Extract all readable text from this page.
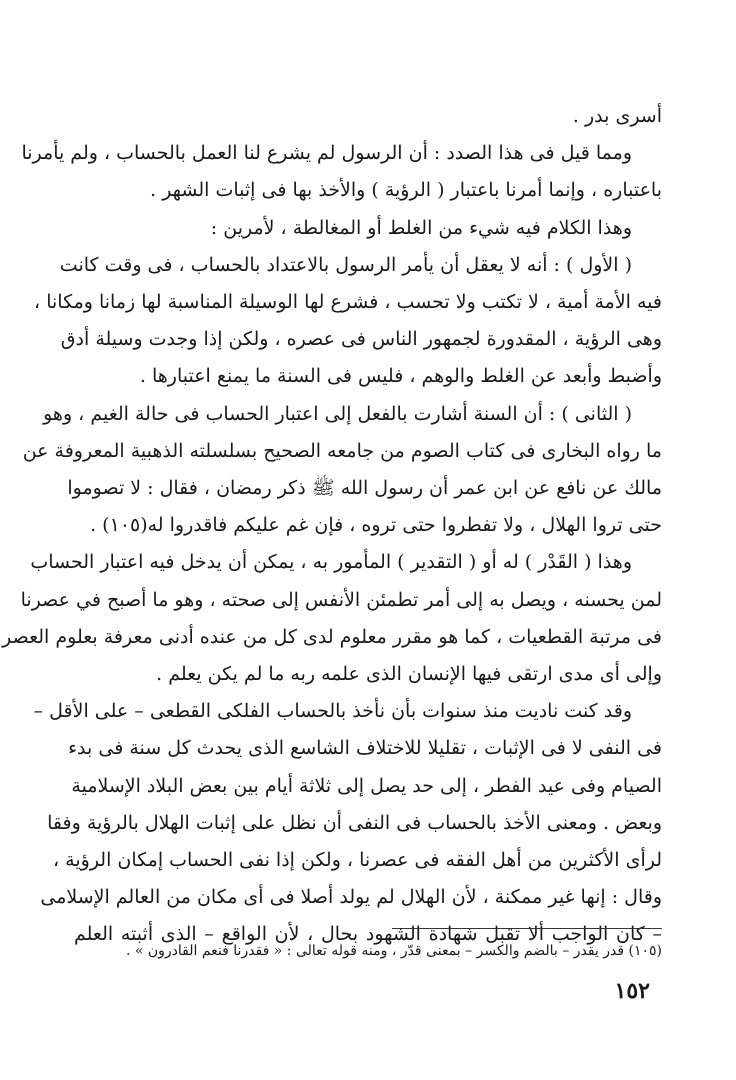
أسرى بدر .
ومما قيل فى هذا الصدد : أن الرسول لم يشرع لنا العمل بالحساب ، ولم يأمرنا
باعتباره ، وإنما أمرنا باعتبار ( الرؤية ) والأخذ بها فى إثبات الشهر .
وهذا الكلام فيه شيء من الغلط أو المغالطة ، لأمرين :
( الأول ) : أنه لا يعقل أن يأمر الرسول بالاعتداد بالحساب ، فى وقت كانت
فيه الأمة أمية ، لا تكتب ولا تحسب ، فشرع لها الوسيلة المناسبة لها زمانا ومكانا ،
وهى الرؤية ، المقدورة لجمهور الناس فى عصره ، ولكن إذا وجدت وسيلة أدق
وأضبط وأبعد عن الغلط والوهم ، فليس فى السنة ما يمنع اعتبارها .
( الثانى ) : أن السنة أشارت بالفعل إلى اعتبار الحساب فى حالة الغيم ، وهو
ما رواه البخارى فى كتاب الصوم من جامعه الصحيح بسلسلته الذهبية المعروفة عن
مالك عن نافع عن ابن عمر أن رسول الله ﷺ ذكر رمضان ، فقال : لا تصوموا
حتى تروا الهلال ، ولا تفطروا حتى تروه ، فإن غم عليكم فاقدروا له(١٠٥) .
وهذا ( القَدْر ) له أو ( التقدير ) المأمور به ، يمكن أن يدخل فيه اعتبار الحساب
لمن يحسنه ، ويصل به إلى أمر تطمئن الأنفس إلى صحته ، وهو ما أصبح في عصرنا
فى مرتبة القطعيات ، كما هو مقرر معلوم لدى كل من عنده أدنى معرفة بعلوم العصر
وإلى أى مدى ارتقى فيها الإنسان الذى علمه ربه ما لم يكن يعلم .
وقد كنت ناديت منذ سنوات بأن نأخذ بالحساب الفلكى القطعى – على الأقل –
فى النفى لا فى الإثبات ، تقليلا للاختلاف الشاسع الذى يحدث كل سنة فى بدء
الصيام وفى عيد الفطر ، إلى حد يصل إلى ثلاثة أيام بين بعض البلاد الإسلامية
وبعض . ومعنى الأخذ بالحساب فى النفى أن نظل على إثبات الهلال بالرؤية وفقا
لرأى الأكثرين من أهل الفقه فى عصرنا ، ولكن إذا نفى الحساب إمكان الرؤية ،
وقال : إنها غير ممكنة ، لأن الهلال لم يولد أصلا فى أى مكان من العالم الإسلامى
– كان الواجب ألا تقبل شهادة الشهود بحال ، لأن الواقع – الذى أثبته العلم
(١٠٥) قدر يقدر – بالضم والكسر – بمعنى قدّر ، ومنه قوله تعالى : « فقدرنا فنعم القادرون » .
١٥٢
